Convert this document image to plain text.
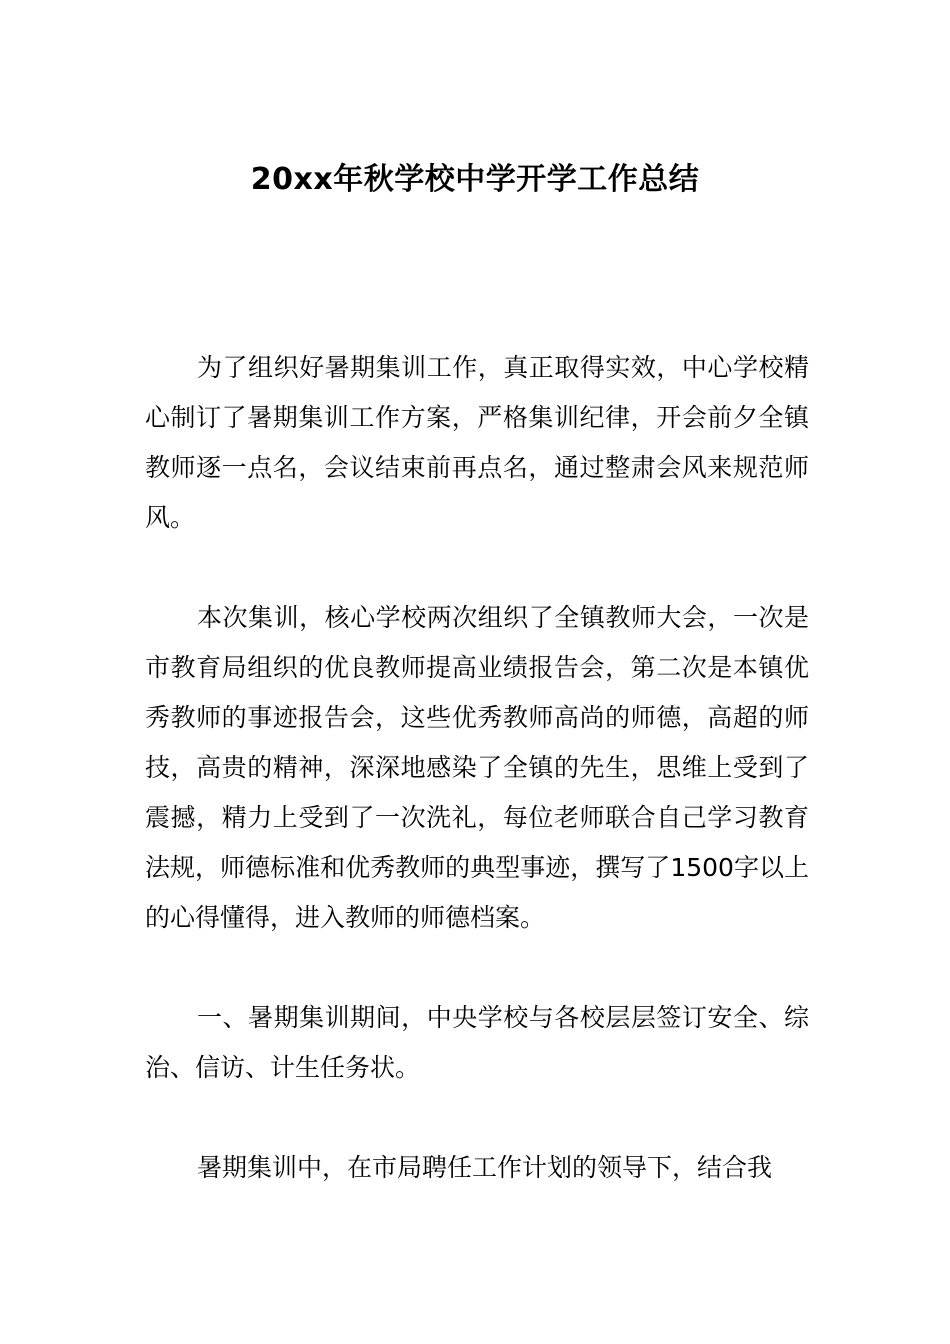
20xx年秋学校中学开学工作总结

为了组织好暑期集训工作，真正取得实效，中心学校精心制订了暑期集训工作方案，严格集训纪律，开会前夕全镇教师逐一点名，会议结束前再点名，通过整肃会风来规范师风。

本次集训，核心学校两次组织了全镇教师大会，一次是市教育局组织的优良教师提高业绩报告会，第二次是本镇优秀教师的事迹报告会，这些优秀教师高尚的师德，高超的师技，高贵的精神，深深地感染了全镇的先生，思维上受到了震撼，精力上受到了一次洗礼，每位老师联合自己学习教育法规，师德标准和优秀教师的典型事迹，撰写了1500字以上的心得懂得，进入教师的师德档案。

一、暑期集训期间，中央学校与各校层层签订安全、综治、信访、计生任务状。

暑期集训中，在市局聘任工作计划的领导下，结合我
